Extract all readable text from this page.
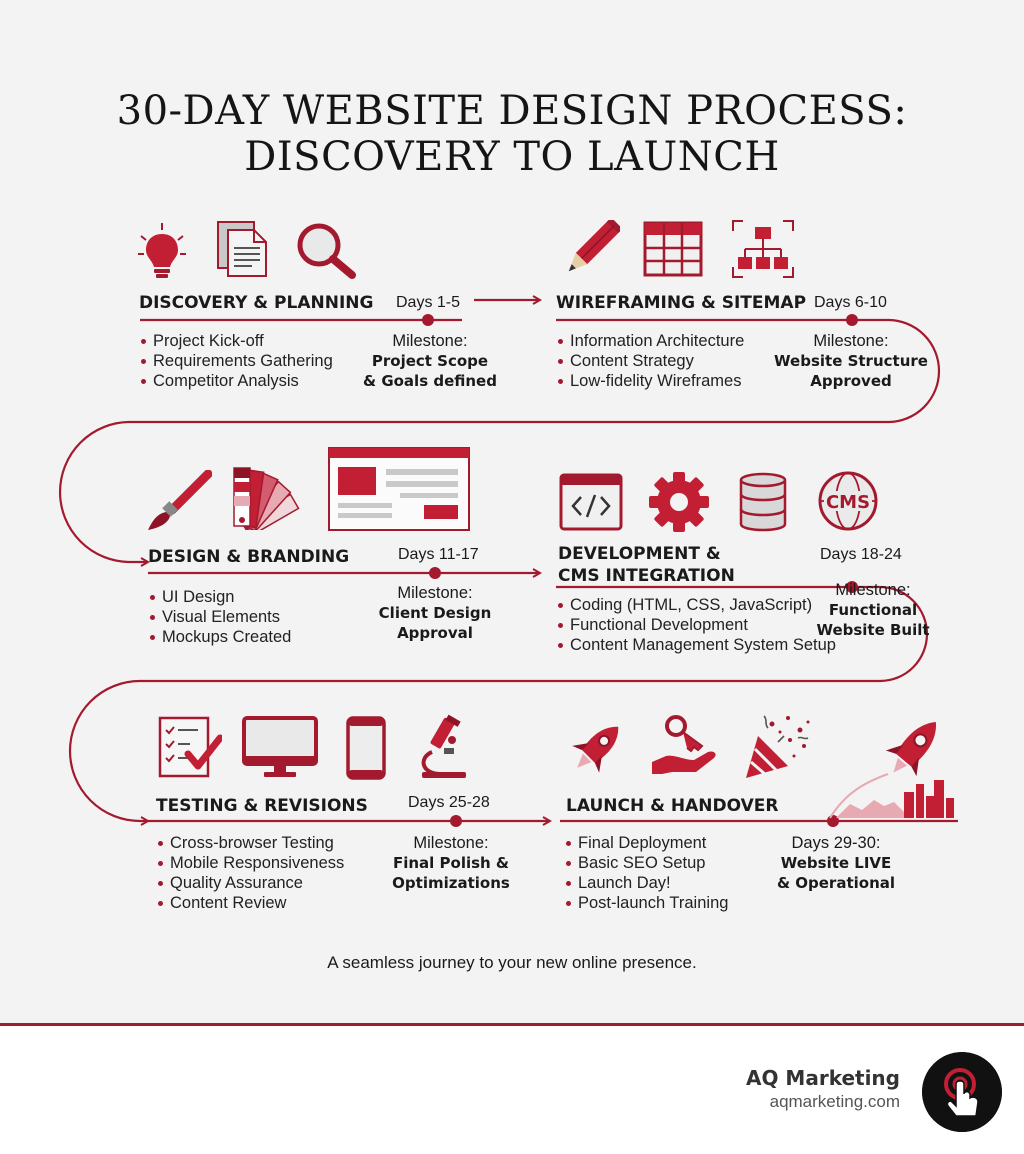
30-DAY WEBSITE DESIGN PROCESS:
DISCOVERY TO LAUNCH
DISCOVERY & PLANNING Days 1-5
Project Kick-off
Requirements Gathering
Competitor Analysis
Milestone:
Project Scope
& Goals defined
WIREFRAMING & SITEMAP Days 6-10
Information Architecture
Content Strategy
Low-fidelity Wireframes
Milestone:
Website Structure
Approved
DESIGN & BRANDING	Days 11-17
UI Design
Visual Elements
Mockups Created
Milestone:
Client Design
Approval
CMS
DEVELOPMENT &
CMS INTEGRATION
Days 18-24
Coding (HTML, CSS, JavaScript)
Functional Development
Content Management System Setup
Milestone:
Functional
Website Built
TESTING & REVISIONS	Days 25-28
Cross-browser Testing
Mobile Responsiveness
Quality Assurance
Content Review
Milestone:
Final Polish &
Optimizations
LAUNCH & HANDOVER
Final Deployment
Basic SEO Setup
Launch Day!
Post-launch Training
Days 29-30:
Website LIVE
& Operational
A seamless journey to your new online presence.
AQ Marketing
aqmarketing.com
